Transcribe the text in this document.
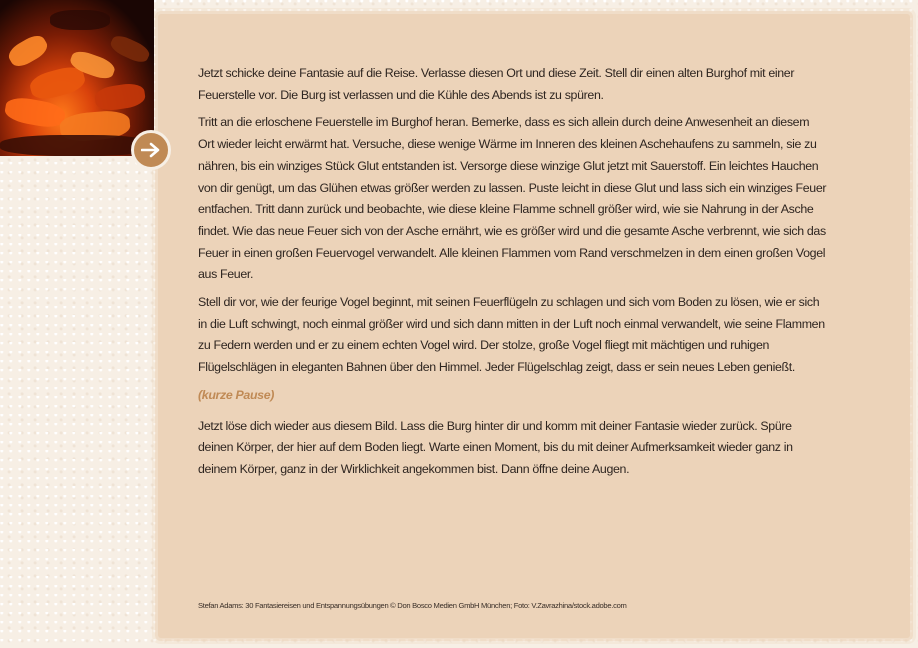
Jetzt schicke deine Fantasie auf die Reise. Verlasse diesen Ort und diese Zeit. Stell dir einen alten Burghof mit einer Feuerstelle vor. Die Burg ist verlassen und die Kühle des Abends ist zu spüren.

Tritt an die erloschene Feuerstelle im Burghof heran. Bemerke, dass es sich allein durch deine Anwesenheit an diesem Ort wieder leicht erwärmt hat. Versuche, diese wenige Wärme im Inneren des kleinen Aschehaufens zu sammeln, sie zu nähren, bis ein winziges Stück Glut entstanden ist. Versorge diese winzige Glut jetzt mit Sauerstoff. Ein leichtes Hauchen von dir genügt, um das Glühen etwas größer werden zu lassen. Puste leicht in diese Glut und lass sich ein winziges Feuer entfachen. Tritt dann zurück und beobachte, wie diese kleine Flamme schnell größer wird, wie sie Nahrung in der Asche findet. Wie das neue Feuer sich von der Asche ernährt, wie es größer wird und die gesamte Asche verbrennt, wie sich das Feuer in einen großen Feuervogel verwandelt. Alle kleinen Flammen vom Rand verschmelzen in dem einen großen Vogel aus Feuer.

Stell dir vor, wie der feurige Vogel beginnt, mit seinen Feuerflügeln zu schlagen und sich vom Boden zu lösen, wie er sich in die Luft schwingt, noch einmal größer wird und sich dann mitten in der Luft noch einmal verwandelt, wie seine Flammen zu Federn werden und er zu einem echten Vogel wird. Der stolze, große Vogel fliegt mit mächtigen und ruhigen Flügelschlägen in eleganten Bahnen über den Himmel. Jeder Flügelschlag zeigt, dass er sein neues Leben genießt.

(kurze Pause)

Jetzt löse dich wieder aus diesem Bild. Lass die Burg hinter dir und komm mit deiner Fantasie wieder zurück. Spüre deinen Körper, der hier auf dem Boden liegt. Warte einen Moment, bis du mit deiner Aufmerksamkeit wieder ganz in deinem Körper, ganz in der Wirklichkeit angekommen bist. Dann öffne deine Augen.

Stefan Adams: 30 Fantasiereisen und Entspannungsübungen © Don Bosco Medien GmbH München; Foto: V.Zavrazhina/stock.adobe.com
